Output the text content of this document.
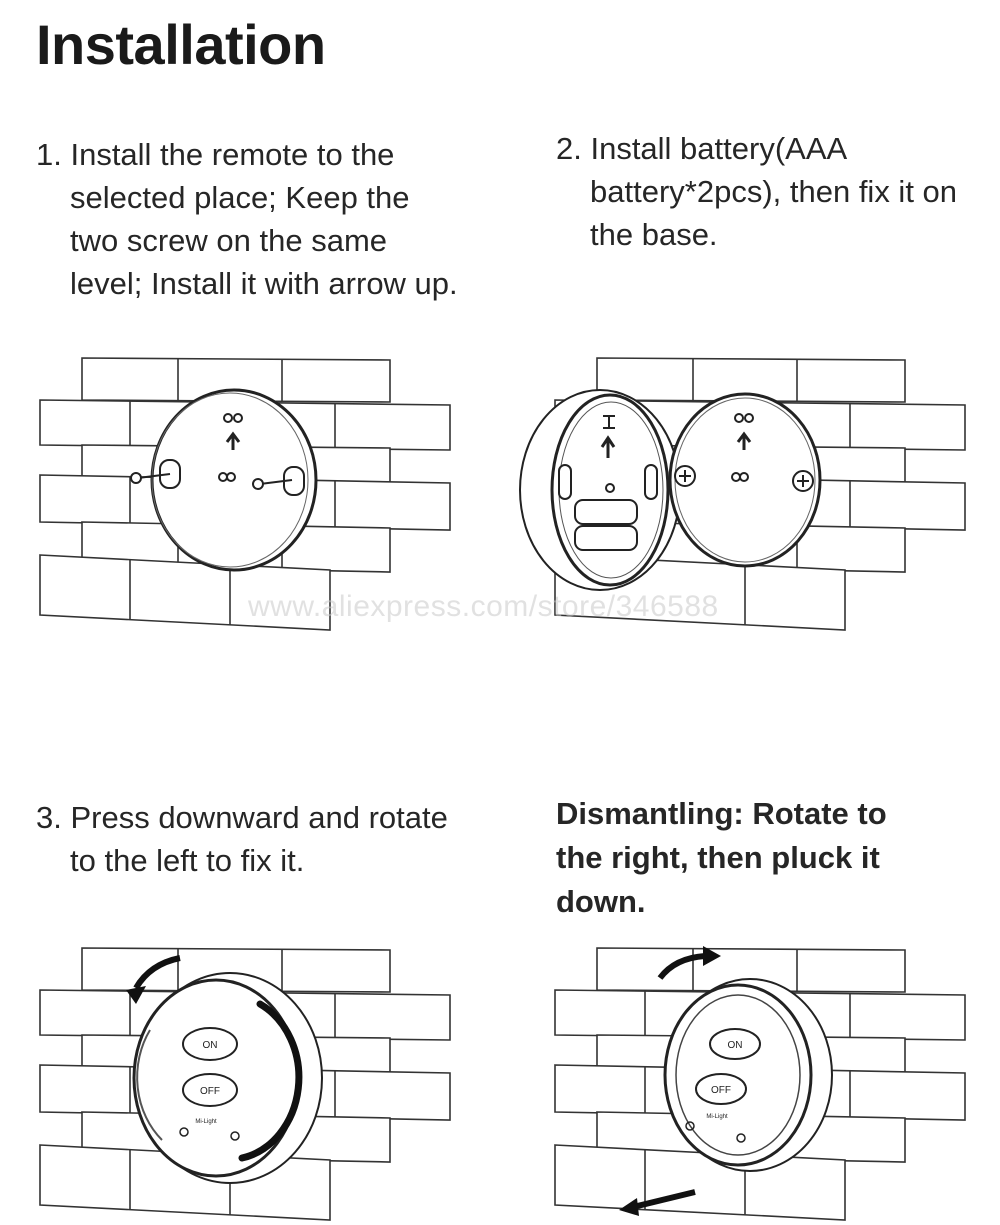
Installation
1. Install the remote to the
selected place; Keep the
two screw on the same
level; Install it with arrow up.
2. Install battery(AAA
battery*2pcs), then fix it on
the base.
3. Press downward and rotate
to the left to fix it.
Dismantling: Rotate to
the right, then pluck it
down.
www.aliexpress.com/store/346588
ON
OFF
Mi-Light
ON
OFF
Mi-Light
